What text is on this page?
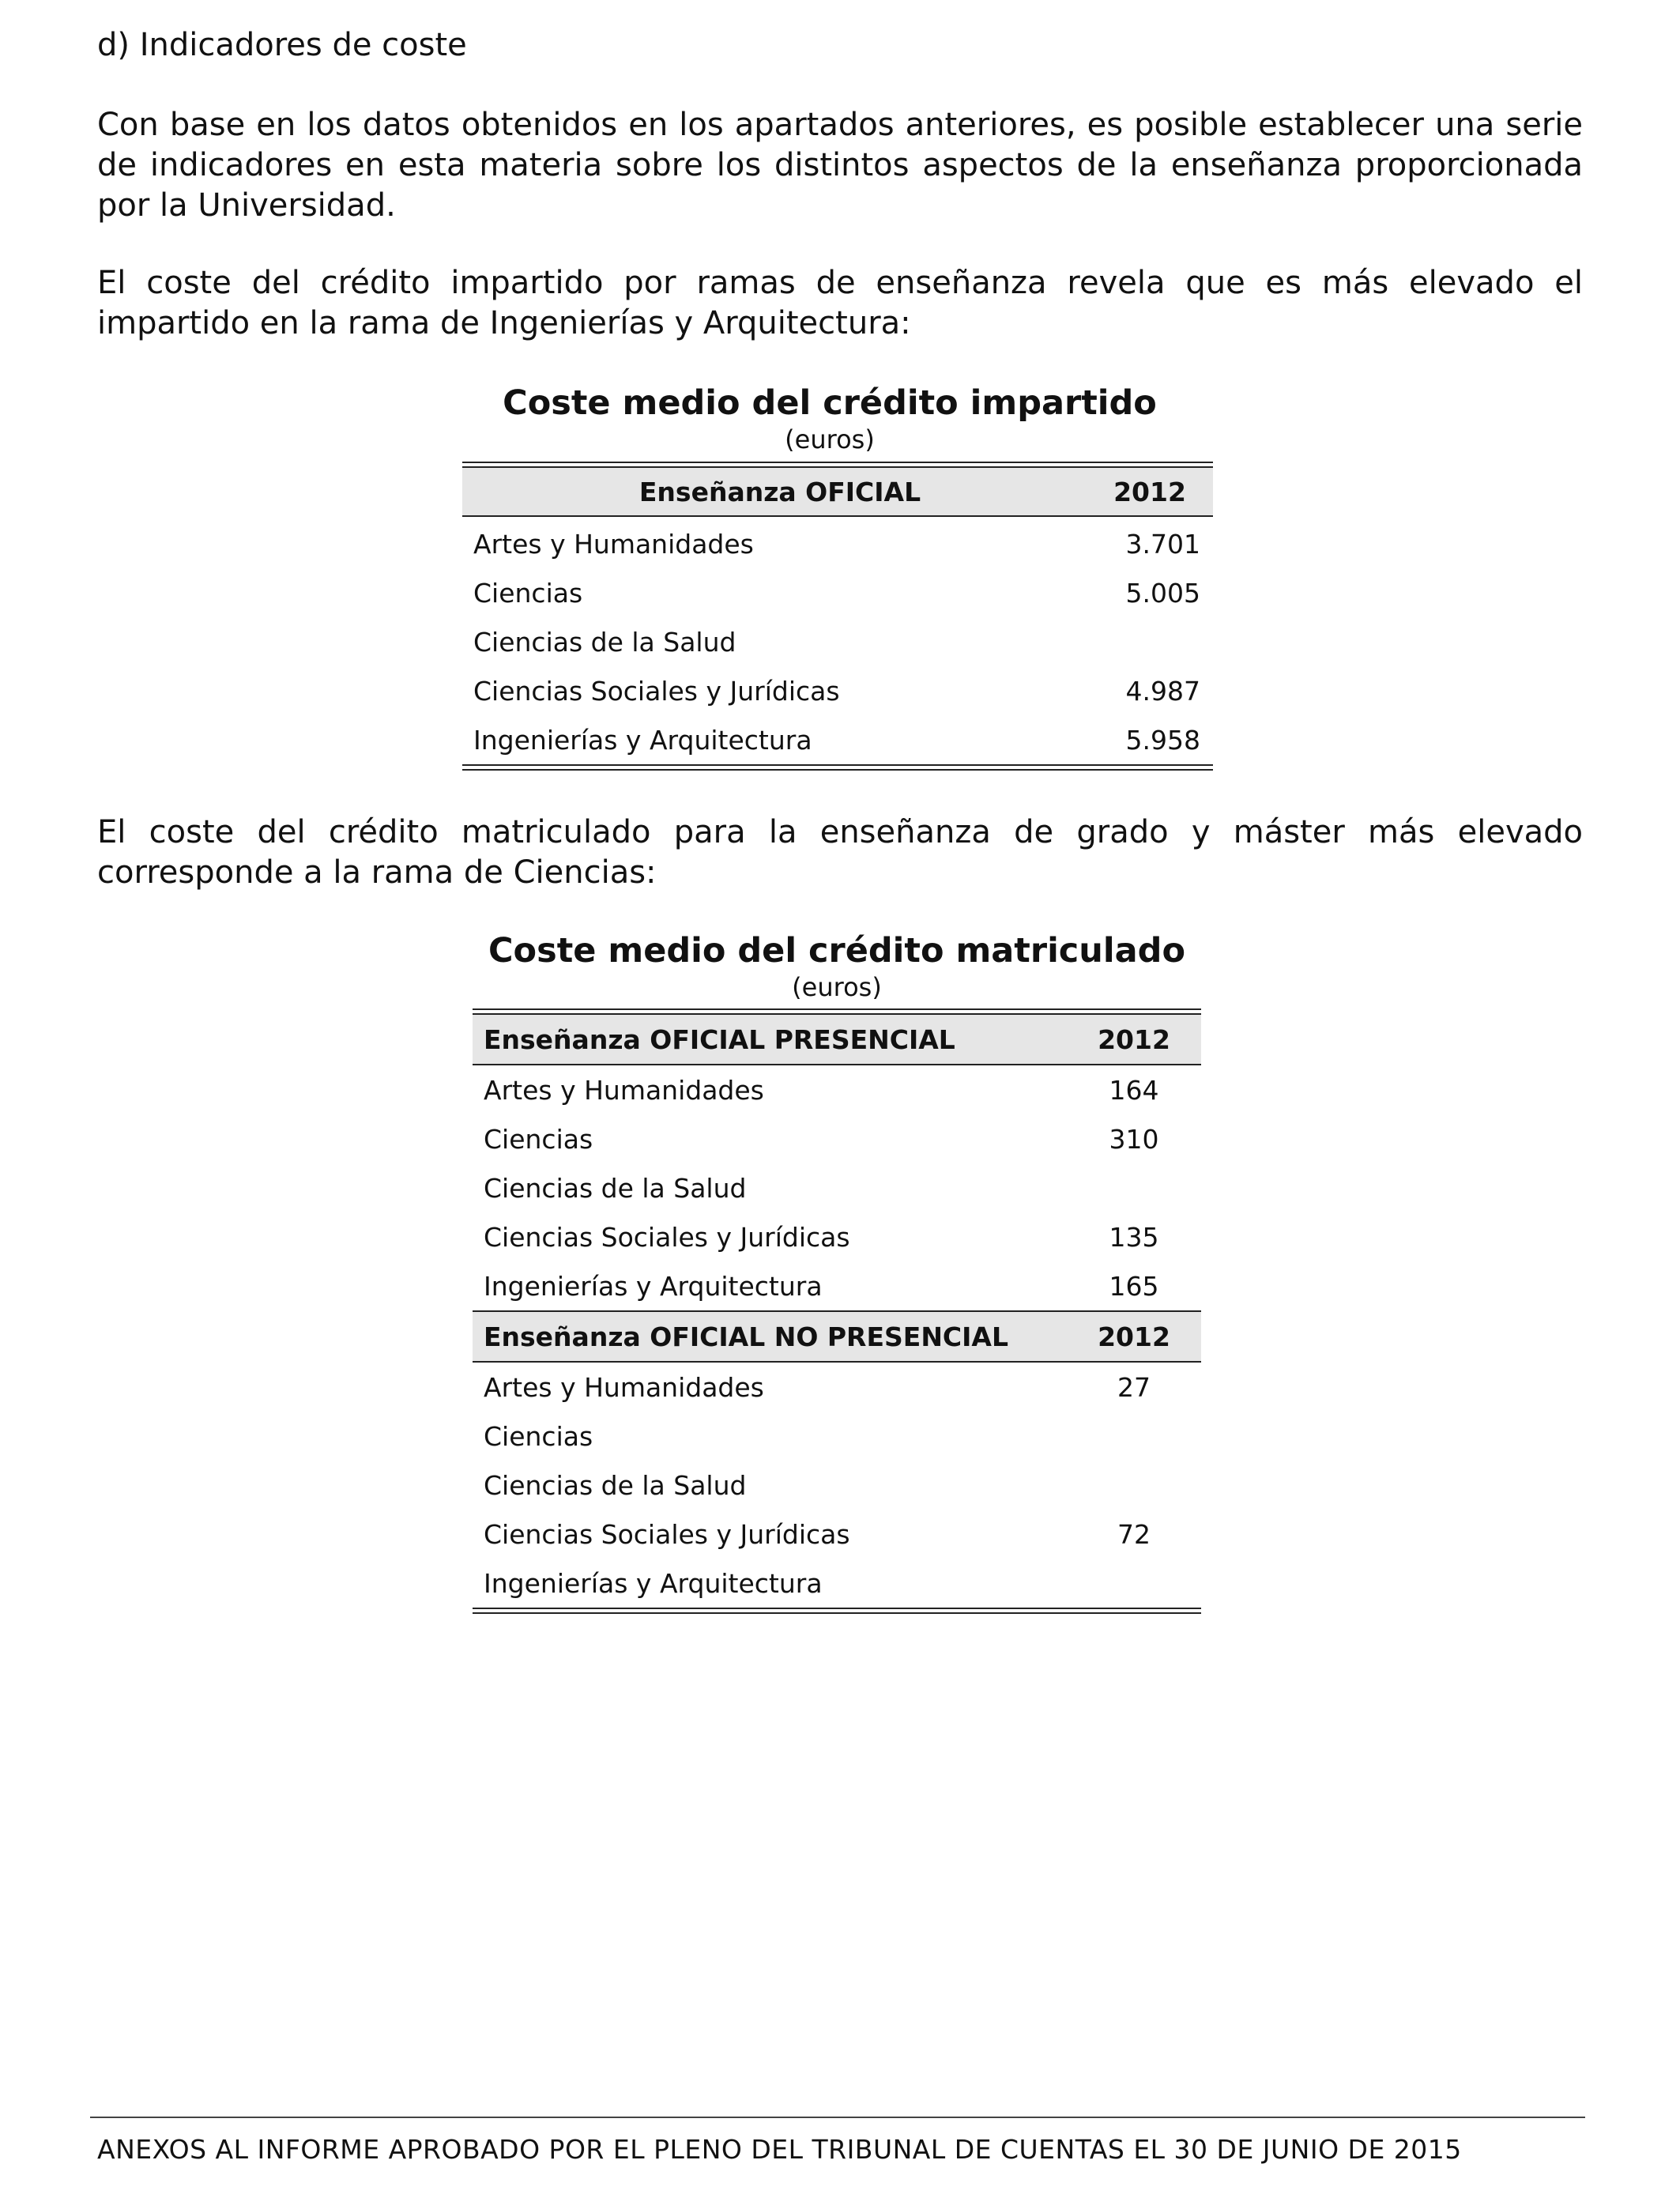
d) Indicadores de coste
Con base en los datos obtenidos en los apartados anteriores, es posible establecer una serie de indicadores en esta materia sobre los distintos aspectos de la enseñanza proporcionada por la Universidad.
El coste del crédito impartido por ramas de enseñanza revela que es más elevado el impartido en la rama de Ingenierías y Arquitectura:
Coste medio del crédito impartido
(euros)
Enseñanza OFICIAL	2012
Artes y Humanidades	3.701
Ciencias	5.005
Ciencias de la Salud
Ciencias Sociales y Jurídicas	4.987
Ingenierías y Arquitectura	5.958
El coste del crédito matriculado para la enseñanza de grado y máster más elevado corresponde a la rama de Ciencias:
Coste medio del crédito matriculado
(euros)
Enseñanza OFICIAL PRESENCIAL	2012
Artes y Humanidades	164
Ciencias	310
Ciencias de la Salud
Ciencias Sociales y Jurídicas	135
Ingenierías y Arquitectura	165
Enseñanza OFICIAL NO PRESENCIAL	2012
Artes y Humanidades	27
Ciencias
Ciencias de la Salud
Ciencias Sociales y Jurídicas	72
Ingenierías y Arquitectura
ANEXOS AL INFORME APROBADO POR EL PLENO DEL TRIBUNAL DE CUENTAS EL 30 DE JUNIO DE 2015
